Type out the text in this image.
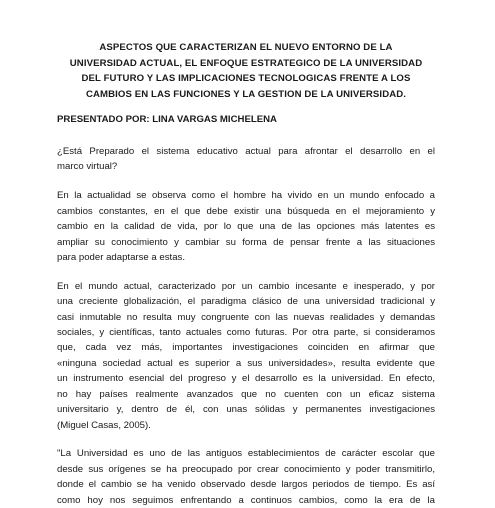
ASPECTOS QUE CARACTERIZAN EL NUEVO ENTORNO DE LA
UNIVERSIDAD ACTUAL, EL ENFOQUE ESTRATEGICO DE LA UNIVERSIDAD
DEL FUTURO Y LAS IMPLICACIONES TECNOLOGICAS FRENTE A LOS
CAMBIOS EN LAS FUNCIONES Y LA GESTION DE LA UNIVERSIDAD.
PRESENTADO POR: LINA VARGAS MICHELENA
¿Está Preparado el sistema educativo actual para afrontar el desarrollo en el
marco virtual?
En la actualidad se observa como el hombre ha vivido en un mundo enfocado a
cambios constantes, en el que debe existir una búsqueda en el mejoramiento y
cambio en la calidad de vida, por lo que una de las opciones más latentes es
ampliar su conocimiento y cambiar su forma de pensar frente a las situaciones
para poder adaptarse a estas.
En el mundo actual, caracterizado por un cambio incesante e inesperado, y por
una creciente globalización, el paradigma clásico de una universidad tradicional y
casi inmutable no resulta muy congruente con las nuevas realidades y demandas
sociales, y científicas, tanto actuales como futuras. Por otra parte, si consideramos
que, cada vez más, importantes investigaciones coinciden en afirmar que
«ninguna sociedad actual es superior a sus universidades», resulta evidente que
un instrumento esencial del progreso y el desarrollo es la universidad. En efecto,
no hay países realmente avanzados que no cuenten con un eficaz sistema
universitario y, dentro de él, con unas sólidas y permanentes investigaciones
(Miguel Casas, 2005).
"La Universidad es uno de las antiguos establecimientos de carácter escolar que
desde sus orígenes se ha preocupado por crear conocimiento y poder transmitirlo,
donde el cambio se ha venido observado desde largos periodos de tiempo. Es así
como hoy nos seguimos enfrentando a continuos cambios, como la era de la
